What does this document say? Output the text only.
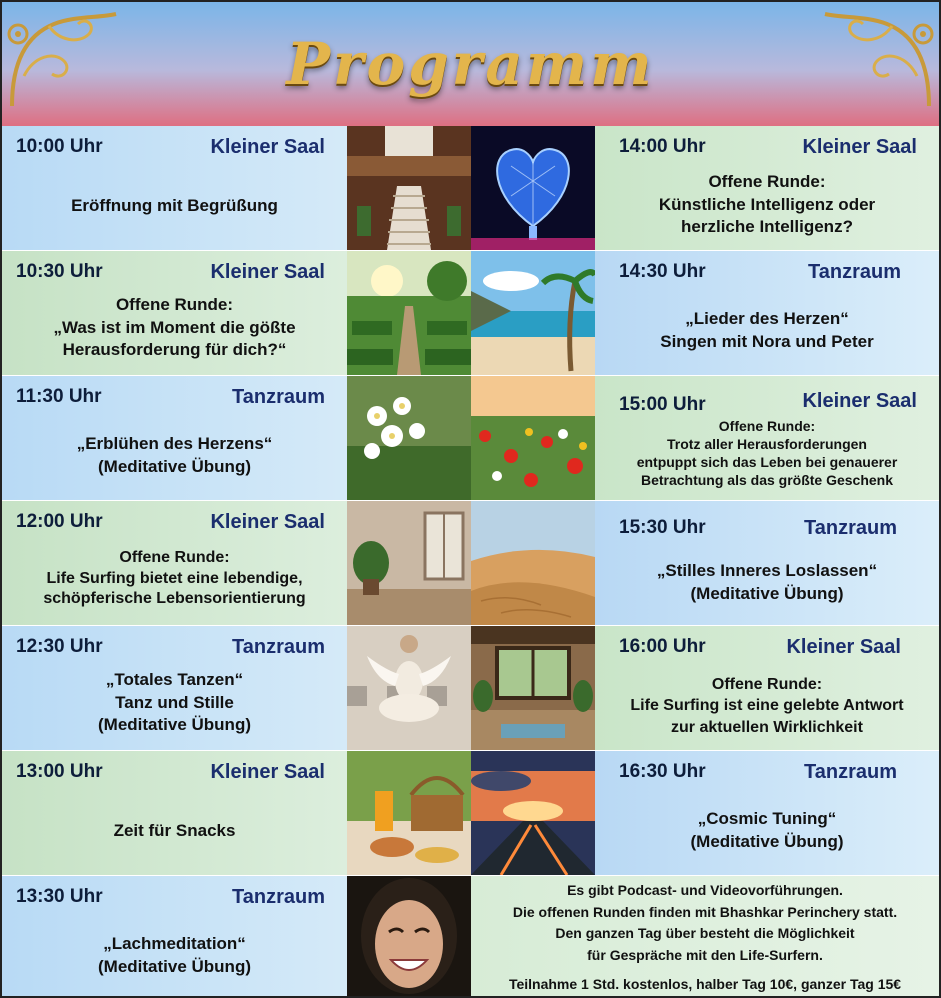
Programm
10:00 Uhr	Kleiner Saal
Eröffnung mit Begrüßung
10:30 Uhr	Kleiner Saal
Offene Runde:
„Was ist im Moment die gößte
Herausforderung für dich?“
11:30 Uhr	Tanzraum
„Erblühen des Herzens“
(Meditative Übung)
12:00 Uhr	Kleiner Saal
Offene Runde:
Life Surfing bietet eine lebendige,
schöpferische Lebensorientierung
12:30 Uhr	Tanzraum
„Totales Tanzen“
Tanz und Stille
(Meditative Übung)
13:00 Uhr	Kleiner Saal
Zeit für Snacks
13:30 Uhr	Tanzraum
„Lachmeditation“
(Meditative Übung)
14:00 Uhr	Kleiner Saal
Offene Runde:
Künstliche Intelligenz oder
herzliche Intelligenz?
14:30 Uhr	Tanzraum
„Lieder des Herzen“
Singen mit Nora und Peter
15:00 Uhr	Kleiner Saal
Offene Runde:
Trotz aller Herausforderungen
entpuppt sich das Leben bei genauerer
Betrachtung als das größte Geschenk
15:30 Uhr	Tanzraum
„Stilles Inneres Loslassen“
(Meditative Übung)
16:00 Uhr	Kleiner Saal
Offene Runde:
Life Surfing ist eine gelebte Antwort
zur aktuellen Wirklichkeit
16:30 Uhr	Tanzraum
„Cosmic Tuning“
(Meditative Übung)
Es gibt Podcast- und Videovorführungen.
Die offenen Runden finden mit Bhashkar Perinchery statt.
Den ganzen Tag über besteht die Möglichkeit
für Gespräche mit den Life-Surfern.
Teilnahme 1 Std. kostenlos, halber Tag 10€, ganzer Tag 15€
